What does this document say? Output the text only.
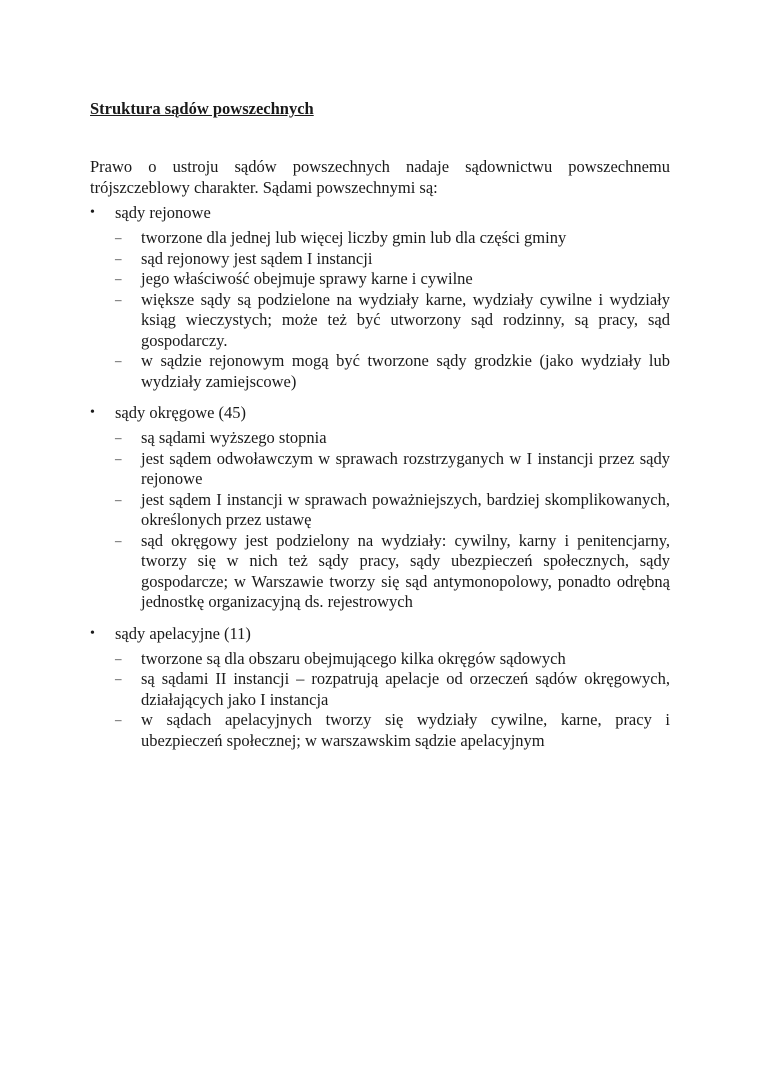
Struktura sądów powszechnych

Prawo o ustroju sądów powszechnych nadaje sądownictwu powszechnemu trójszczeblowy charakter. Sądami powszechnymi są:

•	sądy rejonowe
–	tworzone dla jednej lub więcej liczby gmin lub dla części gminy
–	sąd rejonowy jest sądem I instancji
–	jego właściwość obejmuje sprawy karne i cywilne
–	większe sądy są podzielone na wydziały karne, wydziały cywilne i wydziały ksiąg wieczystych; może też być utworzony sąd rodzinny, są pracy, sąd gospodarczy.
–	w sądzie rejonowym mogą być tworzone sądy grodzkie (jako wydziały lub wydziały zamiejscowe)
•	sądy okręgowe (45)
–	są sądami wyższego stopnia
–	jest sądem odwoławczym w sprawach rozstrzyganych w I instancji przez sądy rejonowe
–	jest sądem I instancji w sprawach poważniejszych, bardziej skomplikowanych, określonych przez ustawę
–	sąd okręgowy jest podzielony na wydziały: cywilny, karny i penitencjarny, tworzy się w nich też sądy pracy, sądy ubezpieczeń społecznych, sądy gospodarcze; w Warszawie tworzy się sąd antymonopolowy, ponadto odrębną jednostkę organizacyjną ds. rejestrowych
•	sądy apelacyjne (11)
–	tworzone są dla obszaru obejmującego kilka okręgów sądowych
–	są sądami II instancji – rozpatrują apelacje od orzeczeń sądów okręgowych, działających jako I instancja
–	w sądach apelacyjnych tworzy się wydziały cywilne, karne, pracy i ubezpieczeń społecznej; w warszawskim sądzie apelacyjnym
